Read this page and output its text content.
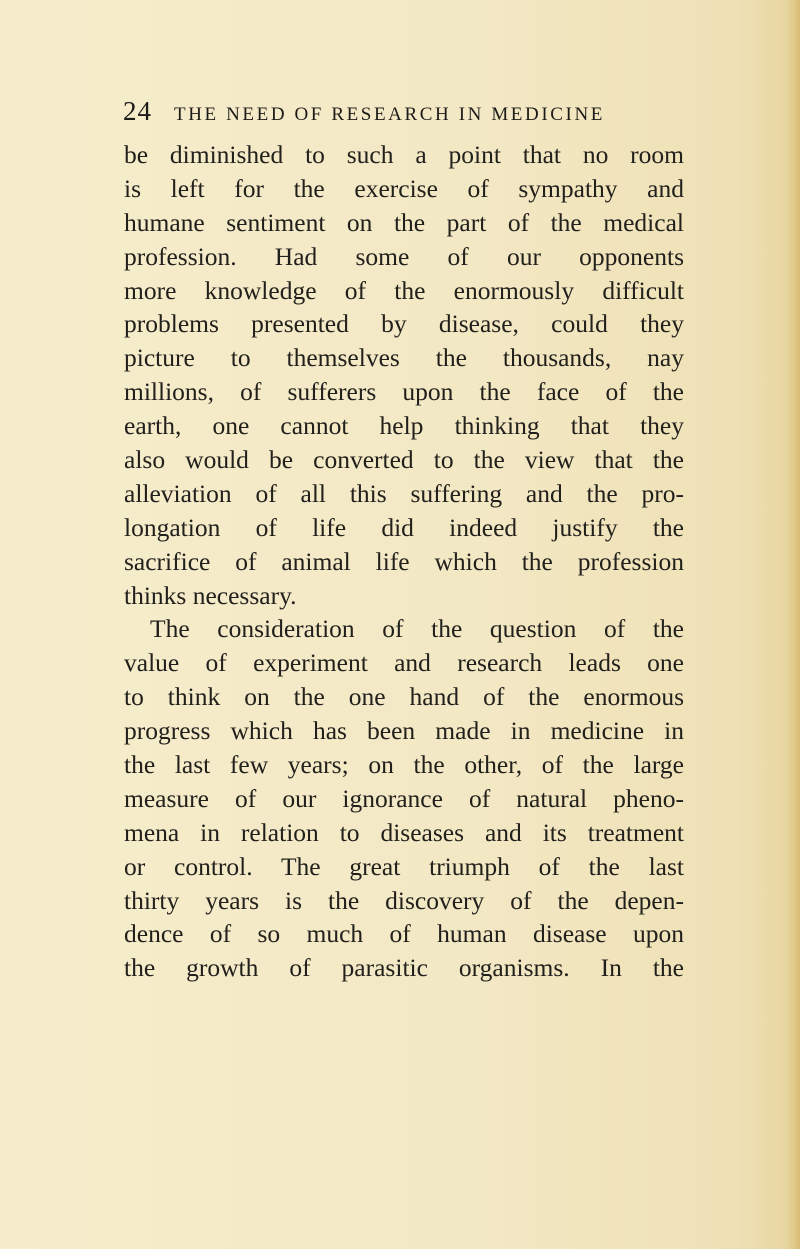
24 THE NEED OF RESEARCH IN MEDICINE
be diminished to such a point that no room
is left for the exercise of sympathy and
humane sentiment on the part of the medical
profession. Had some of our opponents
more knowledge of the enormously difficult
problems presented by disease, could they
picture to themselves the thousands, nay
millions, of sufferers upon the face of the
earth, one cannot help thinking that they
also would be converted to the view that the
alleviation of all this suffering and the pro-
longation of life did indeed justify the
sacrifice of animal life which the profession
thinks necessary.
The consideration of the question of the
value of experiment and research leads one
to think on the one hand of the enormous
progress which has been made in medicine in
the last few years; on the other, of the large
measure of our ignorance of natural pheno-
mena in relation to diseases and its treatment
or control. The great triumph of the last
thirty years is the discovery of the depen-
dence of so much of human disease upon
the growth of parasitic organisms. In the
